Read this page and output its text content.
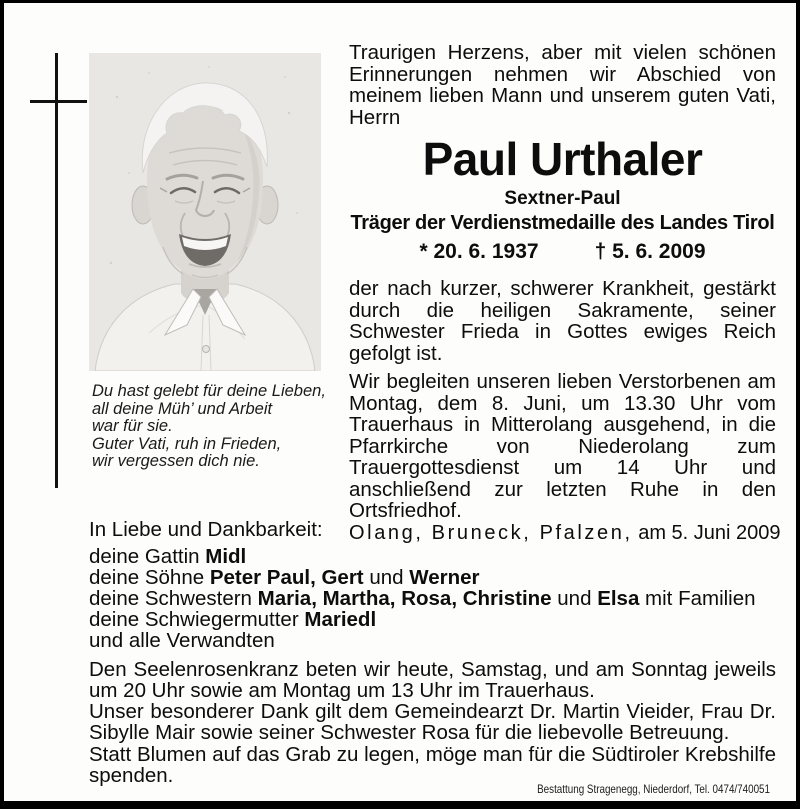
Du hast gelebt für deine Lieben,
all deine Müh’ und Arbeit
war für sie.
Guter Vati, ruh in Frieden,
wir vergessen dich nie.
Traurigen Herzens, aber mit vielen schönen Erinnerungen nehmen wir Abschied von meinem lieben Mann und unserem guten Vati, Herrn
Paul Urthaler
Sextner-Paul
Träger der Verdienstmedaille des Landes Tirol
* 20. 6. 1937	† 5. 6. 2009
der nach kurzer, schwerer Krankheit, gestärkt durch die heiligen Sakramente, seiner Schwester Frieda in Gottes ewiges Reich gefolgt ist.
Wir begleiten unseren lieben Verstorbenen am Montag, dem 8. Juni, um 13.30 Uhr vom Trauerhaus in Mitterolang ausgehend, in die Pfarrkirche von Niederolang zum Trauergottesdienst um 14 Uhr und anschließend zur letzten Ruhe in den Ortsfriedhof.
Olang, Bruneck, Pfalzen, am 5. Juni 2009
In Liebe und Dankbarkeit:
deine Gattin Midl
deine Söhne Peter Paul, Gert und Werner
deine Schwestern Maria, Martha, Rosa, Christine und Elsa mit Familien
deine Schwiegermutter Mariedl
und alle Verwandten
Den Seelenrosenkranz beten wir heute, Samstag, und am Sonntag jeweils um 20 Uhr sowie am Montag um 13 Uhr im Trauerhaus.
Unser besonderer Dank gilt dem Gemeindearzt Dr. Martin Vieider, Frau Dr. Sibylle Mair sowie seiner Schwester Rosa für die liebevolle Betreuung.
Statt Blumen auf das Grab zu legen, möge man für die Südtiroler Krebshilfe spenden.
Bestattung Stragenegg, Niederdorf, Tel. 0474/740051
